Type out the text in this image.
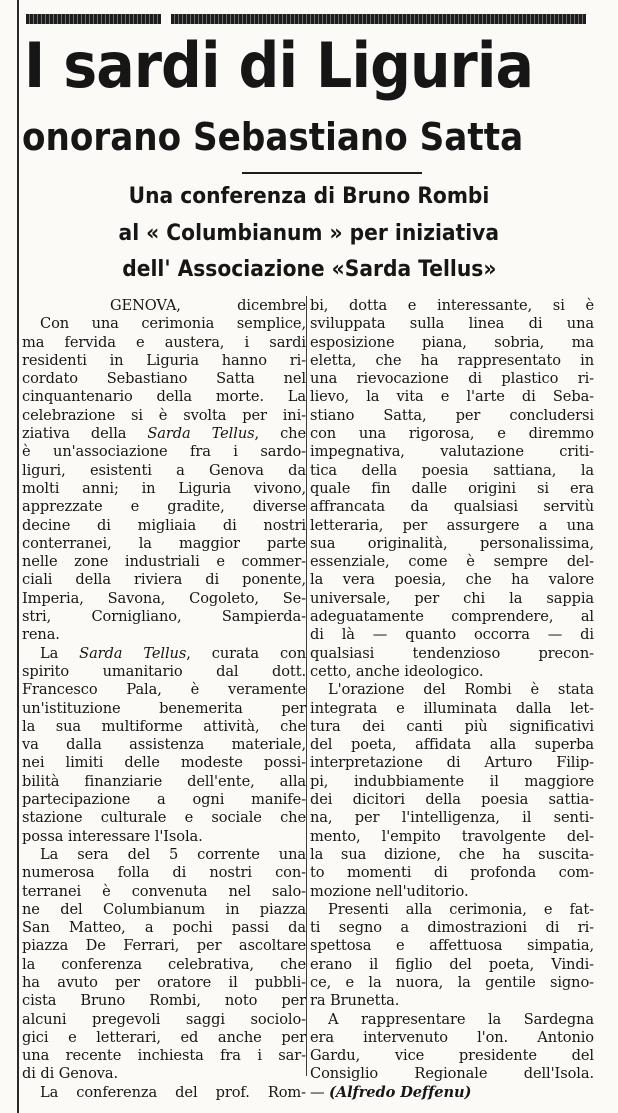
I sardi di Liguria
onorano Sebastiano Satta
Una conferenza di Bruno Rombi
al « Columbianum » per iniziativa
dell' Associazione «Sarda Tellus»
GENOVA, dicembre
Con una cerimonia semplice,
ma fervida e austera, i sardi
residenti in Liguria hanno ri-
cordato Sebastiano Satta nel
cinquantenario della morte. La
celebrazione si è svolta per ini-
ziativa della Sarda Tellus, che
è un'associazione fra i sardo-
liguri, esistenti a Genova da
molti anni; in Liguria vivono,
apprezzate e gradite, diverse
decine di migliaia di nostri
conterranei, la maggior parte
nelle zone industriali e commer-
ciali della riviera di ponente,
Imperia, Savona, Cogoleto, Se-
stri, Cornigliano, Sampierda-
rena.
La Sarda Tellus, curata con
spirito umanitario dal dott.
Francesco Pala, è veramente
un'istituzione benemerita per
la sua multiforme attività, che
va dalla assistenza materiale,
nei limiti delle modeste possi-
bilità finanziarie dell'ente, alla
partecipazione a ogni manife-
stazione culturale e sociale che
possa interessare l'Isola.
La sera del 5 corrente una
numerosa folla di nostri con-
terranei è convenuta nel salo-
ne del Columbianum in piazza
San Matteo, a pochi passi da
piazza De Ferrari, per ascoltare
la conferenza celebrativa, che
ha avuto per oratore il pubbli-
cista Bruno Rombi, noto per
alcuni pregevoli saggi sociolo-
gici e letterari, ed anche per
una recente inchiesta fra i sar-
di di Genova.
La conferenza del prof. Rom-
bi, dotta e interessante, si è
sviluppata sulla linea di una
esposizione piana, sobria, ma
eletta, che ha rappresentato in
una rievocazione di plastico ri-
lievo, la vita e l'arte di Seba-
stiano Satta, per concludersi
con una rigorosa, e diremmo
impegnativa, valutazione criti-
tica della poesia sattiana, la
quale fin dalle origini si era
affrancata da qualsiasi servitù
letteraria, per assurgere a una
sua originalità, personalissima,
essenziale, come è sempre del-
la vera poesia, che ha valore
universale, per chi la sappia
adeguatamente comprendere, al
di là — quanto occorra — di
qualsiasi tendenzioso precon-
cetto, anche ideologico.
L'orazione del Rombi è stata
integrata e illuminata dalla let-
tura dei canti più significativi
del poeta, affidata alla superba
interpretazione di Arturo Filip-
pi, indubbiamente il maggiore
dei dicitori della poesia sattia-
na, per l'intelligenza, il senti-
mento, l'empito travolgente del-
la sua dizione, che ha suscita-
to momenti di profonda com-
mozione nell'uditorio.
Presenti alla cerimonia, e fat-
ti segno a dimostrazioni di ri-
spettosa e affettuosa simpatia,
erano il figlio del poeta, Vindi-
ce, e la nuora, la gentile signo-
ra Brunetta.
A rappresentare la Sardegna
era intervenuto l'on. Antonio
Gardu, vice presidente del
Consiglio Regionale dell'Isola.
— (Alfredo Deffenu)
